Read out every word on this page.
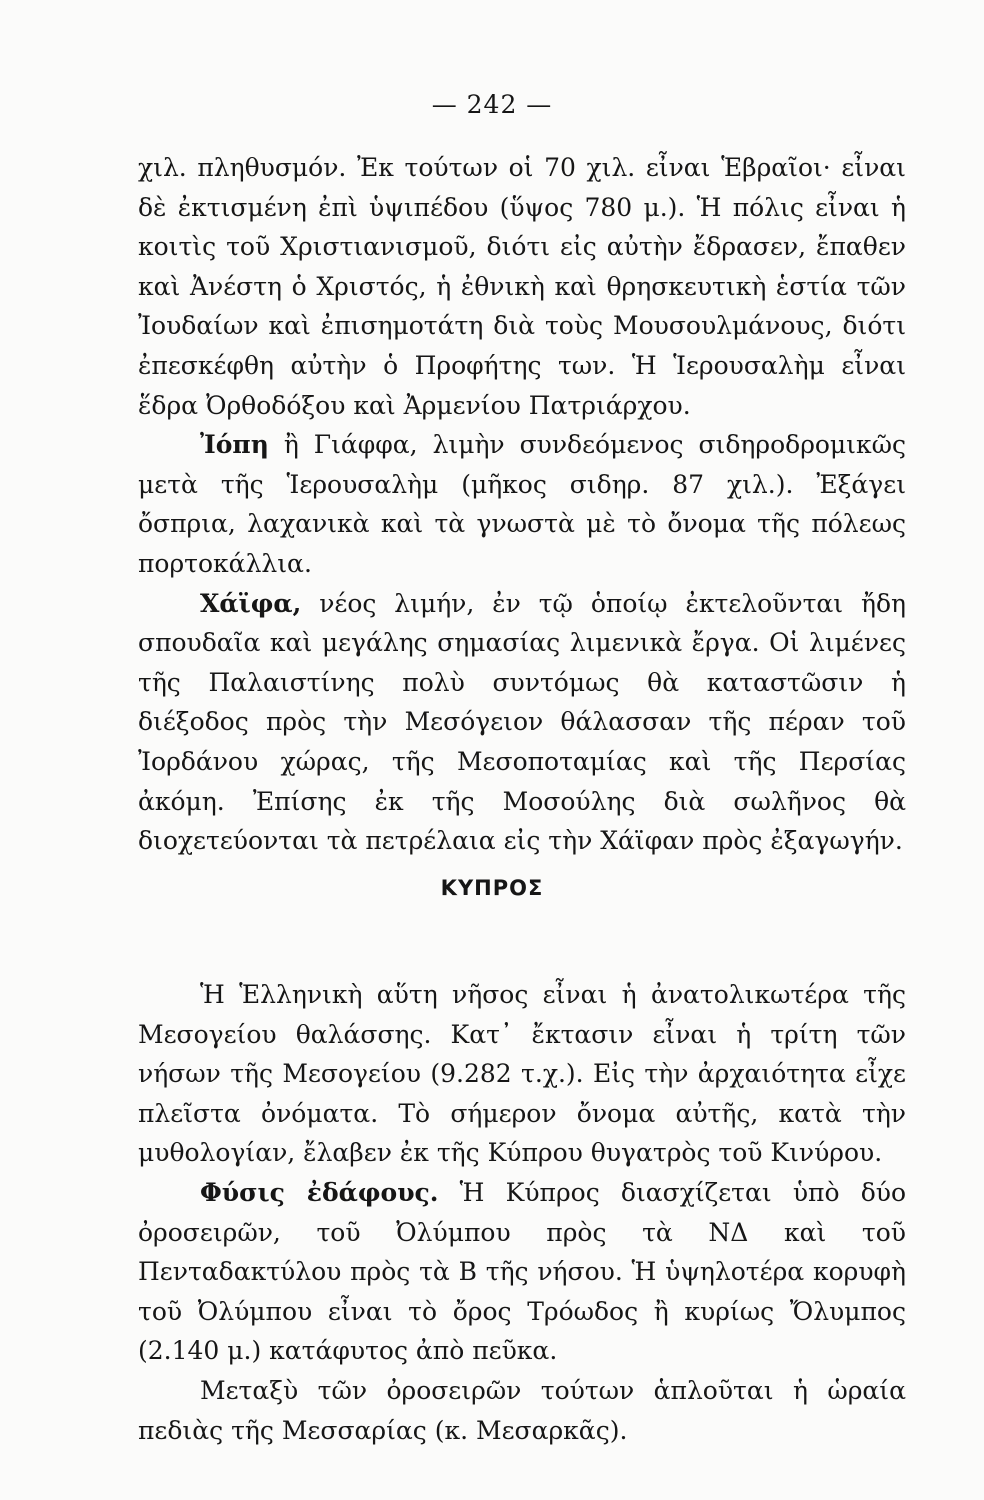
— 242 —

χιλ. πληθυσμόν. Ἐκ τούτων οἱ 70 χιλ. εἶναι Ἑβραῖοι· εἶναι δὲ ἐκτισμένη ἐπὶ ὑψιπέδου (ὕψος 780 μ.). Ἡ πόλις εἶναι ἡ κοιτὶς τοῦ Χριστιανισμοῦ, διότι εἰς αὐτὴν ἔδρασεν, ἔπαθεν καὶ Ἀνέστη ὁ Χριστός, ἡ ἐθνικὴ καὶ θρησκευτικὴ ἑστία τῶν Ἰουδαίων καὶ ἐπισημοτάτη διὰ τοὺς Μουσουλμάνους, διότι ἐπεσκέφθη αὐτὴν ὁ Προφήτης των. Ἡ Ἱερουσαλὴμ εἶναι ἕδρα Ὀρθοδόξου καὶ Ἀρμενίου Πατριάρχου.

Ἰόπη ἢ Γιάφφα, λιμὴν συνδεόμενος σιδηροδρομικῶς μετὰ τῆς Ἱερουσαλὴμ (μῆκος σιδηρ. 87 χιλ.). Ἐξάγει ὄσπρια, λαχανικὰ καὶ τὰ γνωστὰ μὲ τὸ ὄνομα τῆς πόλεως πορτοκάλλια.

Χάϊφα, νέος λιμήν, ἐν τῷ ὁποίῳ ἐκτελοῦνται ἤδη σπουδαῖα καὶ μεγάλης σημασίας λιμενικὰ ἔργα. Οἱ λιμένες τῆς Παλαιστίνης πολὺ συντόμως θὰ καταστῶσιν ἡ διέξοδος πρὸς τὴν Μεσόγειον θάλασσαν τῆς πέραν τοῦ Ἰορδάνου χώρας, τῆς Μεσοποταμίας καὶ τῆς Περσίας ἀκόμη. Ἐπίσης ἐκ τῆς Μοσούλης διὰ σωλῆνος θὰ διοχετεύονται τὰ πετρέλαια εἰς τὴν Χάϊφαν πρὸς ἐξαγωγήν.

ΚΥΠΡΟΣ

Ἡ Ἑλληνικὴ αὕτη νῆσος εἶναι ἡ ἀνατολικωτέρα τῆς Μεσογείου θαλάσσης. Κατ᾿ ἔκτασιν εἶναι ἡ τρίτη τῶν νήσων τῆς Μεσογείου (9.282 τ.χ.). Εἰς τὴν ἀρχαιότητα εἶχε πλεῖστα ὀνόματα. Τὸ σήμερον ὄνομα αὐτῆς, κατὰ τὴν μυθολογίαν, ἔλαβεν ἐκ τῆς Κύπρου θυγατρὸς τοῦ Κινύρου.

Φύσις ἐδάφους. Ἡ Κύπρος διασχίζεται ὑπὸ δύο ὀροσειρῶν, τοῦ Ὀλύμπου πρὸς τὰ ΝΔ καὶ τοῦ Πενταδακτύλου πρὸς τὰ Β τῆς νήσου. Ἡ ὑψηλοτέρα κορυφὴ τοῦ Ὀλύμπου εἶναι τὸ ὄρος Τρόωδος ἢ κυρίως Ὄλυμπος (2.140 μ.) κατάφυτος ἀπὸ πεῦκα.

Μεταξὺ τῶν ὀροσειρῶν τούτων ἁπλοῦται ἡ ὡραία πεδιὰς τῆς Μεσσαρίας (κ. Μεσαρκᾶς).
